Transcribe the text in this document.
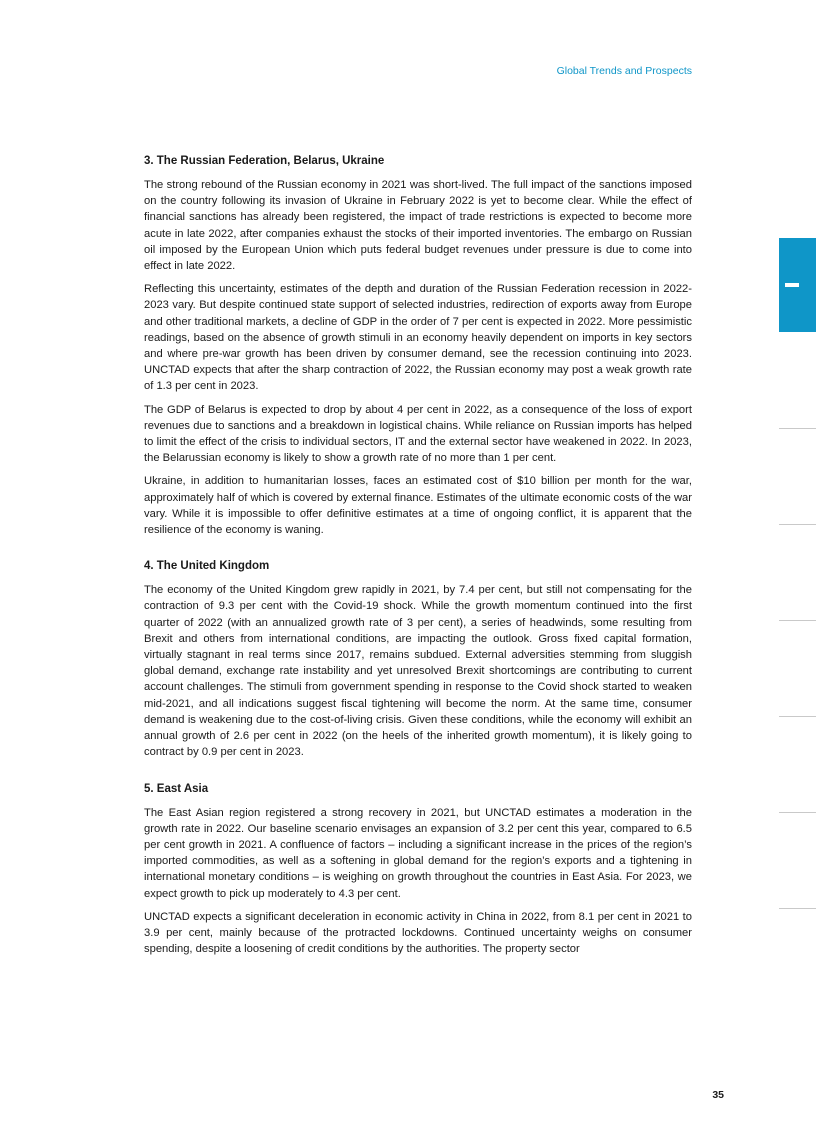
Global Trends and Prospects
3. The Russian Federation, Belarus, Ukraine

The strong rebound of the Russian economy in 2021 was short-lived. The full impact of the sanctions imposed on the country following its invasion of Ukraine in February 2022 is yet to become clear. While the effect of financial sanctions has already been registered, the impact of trade restrictions is expected to become more acute in late 2022, after companies exhaust the stocks of their imported inventories. The embargo on Russian oil imposed by the European Union which puts federal budget revenues under pressure is due to come into effect in late 2022.

Reflecting this uncertainty, estimates of the depth and duration of the Russian Federation recession in 2022-2023 vary. But despite continued state support of selected industries, redirection of exports away from Europe and other traditional markets, a decline of GDP in the order of 7 per cent is expected in 2022. More pessimistic readings, based on the absence of growth stimuli in an economy heavily dependent on imports in key sectors and where pre-war growth has been driven by consumer demand, see the recession continuing into 2023. UNCTAD expects that after the sharp contraction of 2022, the Russian economy may post a weak growth rate of 1.3 per cent in 2023.

The GDP of Belarus is expected to drop by about 4 per cent in 2022, as a consequence of the loss of export revenues due to sanctions and a breakdown in logistical chains. While reliance on Russian imports has helped to limit the effect of the crisis to individual sectors, IT and the external sector have weakened in 2022. In 2023, the Belarussian economy is likely to show a growth rate of no more than 1 per cent.

Ukraine, in addition to humanitarian losses, faces an estimated cost of $10 billion per month for the war, approximately half of which is covered by external finance. Estimates of the ultimate economic costs of the war vary. While it is impossible to offer definitive estimates at a time of ongoing conflict, it is apparent that the resilience of the economy is waning.

4. The United Kingdom

The economy of the United Kingdom grew rapidly in 2021, by 7.4 per cent, but still not compensating for the contraction of 9.3 per cent with the Covid-19 shock. While the growth momentum continued into the first quarter of 2022 (with an annualized growth rate of 3 per cent), a series of headwinds, some resulting from Brexit and others from international conditions, are impacting the outlook. Gross fixed capital formation, virtually stagnant in real terms since 2017, remains subdued. External adversities stemming from sluggish global demand, exchange rate instability and yet unresolved Brexit shortcomings are contributing to current account challenges. The stimuli from government spending in response to the Covid shock started to weaken mid-2021, and all indications suggest fiscal tightening will become the norm. At the same time, consumer demand is weakening due to the cost-of-living crisis. Given these conditions, while the economy will exhibit an annual growth of 2.6 per cent in 2022 (on the heels of the inherited growth momentum), it is likely going to contract by 0.9 per cent in 2023.

5. East Asia

The East Asian region registered a strong recovery in 2021, but UNCTAD estimates a moderation in the growth rate in 2022. Our baseline scenario envisages an expansion of 3.2 per cent this year, compared to 6.5 per cent growth in 2021. A confluence of factors – including a significant increase in the prices of the region’s imported commodities, as well as a softening in global demand for the region’s exports and a tightening in international monetary conditions – is weighing on growth throughout the countries in East Asia. For 2023, we expect growth to pick up moderately to 4.3 per cent.

UNCTAD expects a significant deceleration in economic activity in China in 2022, from 8.1 per cent in 2021 to 3.9 per cent, mainly because of the protracted lockdowns. Continued uncertainty weighs on consumer spending, despite a loosening of credit conditions by the authorities. The property sector

35
